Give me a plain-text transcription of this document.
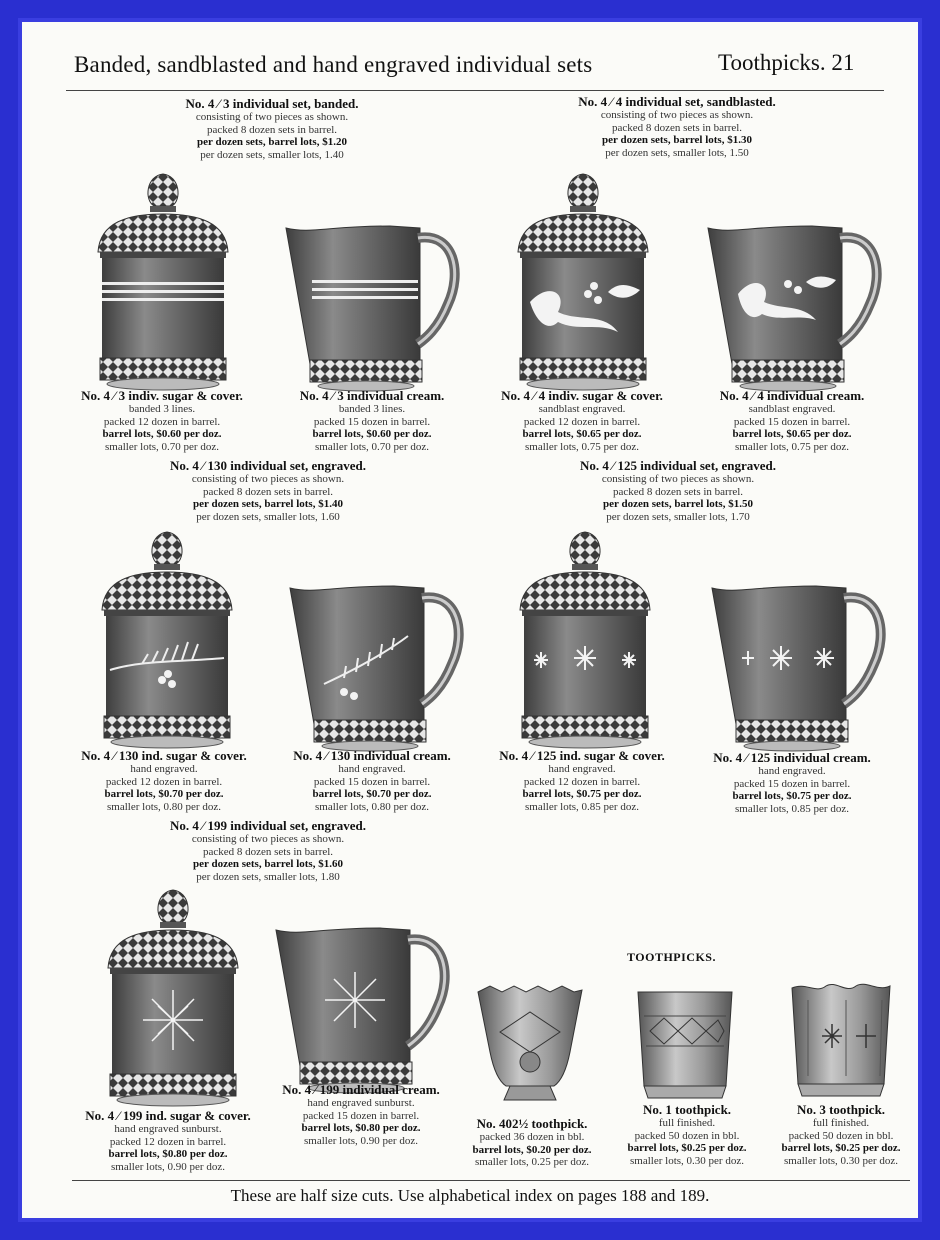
Banded, sandblasted and hand engraved individual sets	Toothpicks. 21
No. 4 ⁄ 3 individual set, banded.
consisting of two pieces as shown.
packed 8 dozen sets in barrel.
per dozen sets, barrel lots, $1.20
per dozen sets, smaller lots, 1.40
No. 4 ⁄ 4 individual set, sandblasted.
consisting of two pieces as shown.
packed 8 dozen sets in barrel.
per dozen sets, barrel lots, $1.30
per dozen sets, smaller lots, 1.50
No. 4 ⁄ 3 indiv. sugar & cover.
banded 3 lines.
packed 12 dozen in barrel.
barrel lots, $0.60 per doz.
smaller lots, 0.70 per doz.
No. 4 ⁄ 3 individual cream.
banded 3 lines.
packed 15 dozen in barrel.
barrel lots, $0.60 per doz.
smaller lots, 0.70 per doz.
No. 4 ⁄ 4 indiv. sugar & cover.
sandblast engraved.
packed 12 dozen in barrel.
barrel lots, $0.65 per doz.
smaller lots, 0.75 per doz.
No. 4 ⁄ 4 individual cream.
sandblast engraved.
packed 15 dozen in barrel.
barrel lots, $0.65 per doz.
smaller lots, 0.75 per doz.
No. 4 ⁄ 130 individual set, engraved.
consisting of two pieces as shown.
packed 8 dozen sets in barrel.
per dozen sets, barrel lots, $1.40
per dozen sets, smaller lots, 1.60
No. 4 ⁄ 125 individual set, engraved.
consisting of two pieces as shown.
packed 8 dozen sets in barrel.
per dozen sets, barrel lots, $1.50
per dozen sets, smaller lots, 1.70
No. 4 ⁄ 130 ind. sugar & cover.
hand engraved.
packed 12 dozen in barrel.
barrel lots, $0.70 per doz.
smaller lots, 0.80 per doz.
No. 4 ⁄ 130 individual cream.
hand engraved.
packed 15 dozen in barrel.
barrel lots, $0.70 per doz.
smaller lots, 0.80 per doz.
No. 4 ⁄ 125 ind. sugar & cover.
hand engraved.
packed 12 dozen in barrel.
barrel lots, $0.75 per doz.
smaller lots, 0.85 per doz.
No. 4 ⁄ 125 individual cream.
hand engraved.
packed 15 dozen in barrel.
barrel lots, $0.75 per doz.
smaller lots, 0.85 per doz.
No. 4 ⁄ 199 individual set, engraved.
consisting of two pieces as shown.
packed 8 dozen sets in barrel.
per dozen sets, barrel lots, $1.60
per dozen sets, smaller lots, 1.80
TOOTHPICKS.
No. 4 ⁄ 199 ind. sugar & cover.
hand engraved sunburst.
packed 12 dozen in barrel.
barrel lots, $0.80 per doz.
smaller lots, 0.90 per doz.
No. 4 ⁄ 199 individual cream.
hand engraved sunburst.
packed 15 dozen in barrel.
barrel lots, $0.80 per doz.
smaller lots, 0.90 per doz.
No. 402½ toothpick.
packed 36 dozen in bbl.
barrel lots, $0.20 per doz.
smaller lots, 0.25 per doz.
No. 1 toothpick.
full finished.
packed 50 dozen in bbl.
barrel lots, $0.25 per doz.
smaller lots, 0.30 per doz.
No. 3 toothpick.
full finished.
packed 50 dozen in bbl.
barrel lots, $0.25 per doz.
smaller lots, 0.30 per doz.
These are half size cuts. Use alphabetical index on pages 188 and 189.
